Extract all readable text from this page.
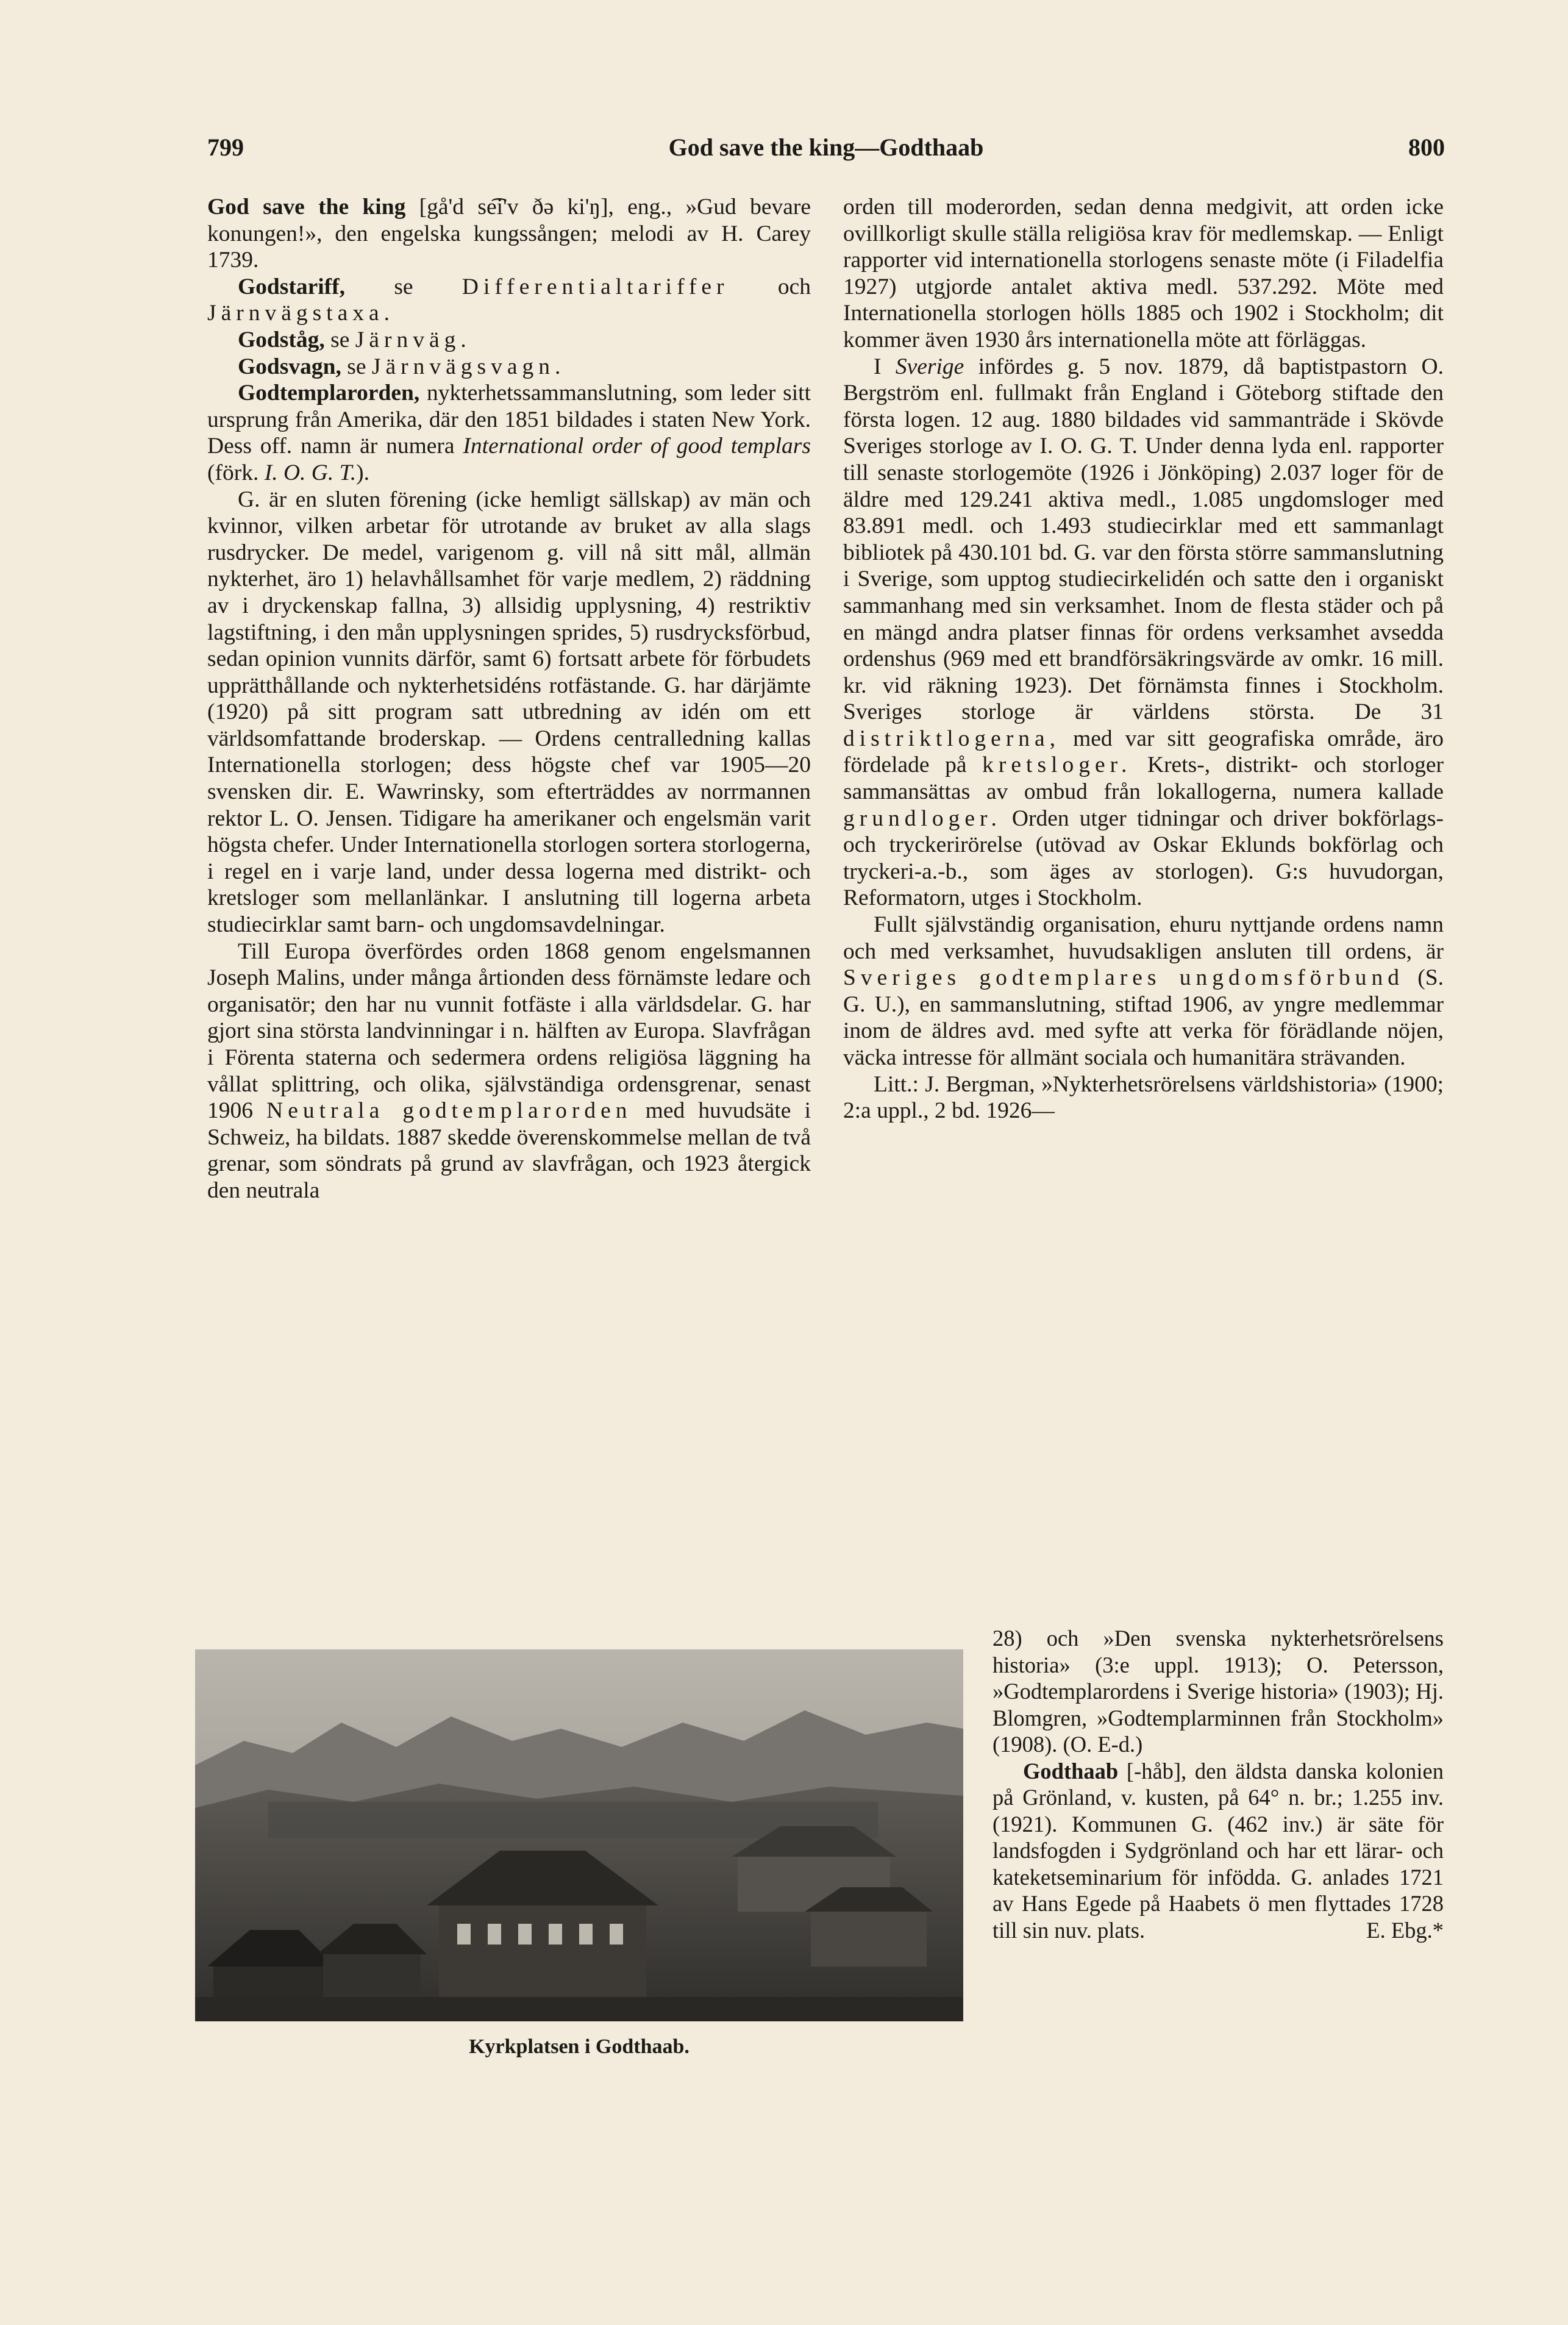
799	God save the king—Godthaab	800

God save the king [gå'd se͡i'v ðə ki'ŋ], eng., »Gud bevare konungen!», den engelska kungssången; melodi av H. Carey 1739.

Godstariff, se Differentialtariffer och Järnvägstaxa.

Godståg, se Järnväg.

Godsvagn, se Järnvägsvagn.

Godtemplarorden, nykterhetssammanslutning, som leder sitt ursprung från Amerika, där den 1851 bildades i staten New York. Dess off. namn är numera International order of good templars (förk. I. O. G. T.).

G. är en sluten förening (icke hemligt sällskap) av män och kvinnor, vilken arbetar för utrotande av bruket av alla slags rusdrycker. De medel, varigenom g. vill nå sitt mål, allmän nykterhet, äro 1) helavhållsamhet för varje medlem, 2) räddning av i dryckenskap fallna, 3) allsidig upplysning, 4) restriktiv lagstiftning, i den mån upplysningen sprides, 5) rusdrycksförbud, sedan opinion vunnits därför, samt 6) fortsatt arbete för förbudets upprätthållande och nykterhetsidéns rotfästande. G. har därjämte (1920) på sitt program satt utbredning av idén om ett världsomfattande broderskap. — Ordens centralledning kallas Internationella storlogen; dess högste chef var 1905—20 svensken dir. E. Wawrinsky, som efterträddes av norrmannen rektor L. O. Jensen. Tidigare ha amerikaner och engelsmän varit högsta chefer. Under Internationella storlogen sortera storlogerna, i regel en i varje land, under dessa logerna med distrikt- och kretsloger som mellanlänkar. I anslutning till logerna arbeta studiecirklar samt barn- och ungdomsavdelningar.

Till Europa överfördes orden 1868 genom engelsmannen Joseph Malins, under många årtionden dess förnämste ledare och organisatör; den har nu vunnit fotfäste i alla världsdelar. G. har gjort sina största landvinningar i n. hälften av Europa. Slavfrågan i Förenta staterna och sedermera ordens religiösa läggning ha vållat splittring, och olika, självständiga ordensgrenar, senast 1906 Neutrala godtemplarorden med huvudsäte i Schweiz, ha bildats. 1887 skedde överenskommelse mellan de två grenar, som söndrats på grund av slavfrågan, och 1923 återgick den neutrala

orden till moderorden, sedan denna medgivit, att orden icke ovillkorligt skulle ställa religiösa krav för medlemskap. — Enligt rapporter vid internationella storlogens senaste möte (i Filadelfia 1927) utgjorde antalet aktiva medl. 537.292. Möte med Internationella storlogen hölls 1885 och 1902 i Stockholm; dit kommer även 1930 års internationella möte att förläggas.

I Sverige infördes g. 5 nov. 1879, då baptistpastorn O. Bergström enl. fullmakt från England i Göteborg stiftade den första logen. 12 aug. 1880 bildades vid sammanträde i Skövde Sveriges storloge av I. O. G. T. Under denna lyda enl. rapporter till senaste storlogemöte (1926 i Jönköping) 2.037 loger för de äldre med 129.241 aktiva medl., 1.085 ungdomsloger med 83.891 medl. och 1.493 studiecirklar med ett sammanlagt bibliotek på 430.101 bd. G. var den första större sammanslutning i Sverige, som upptog studiecirkelidén och satte den i organiskt sammanhang med sin verksamhet. Inom de flesta städer och på en mängd andra platser finnas för ordens verksamhet avsedda ordenshus (969 med ett brandförsäkringsvärde av omkr. 16 mill. kr. vid räkning 1923). Det förnämsta finnes i Stockholm. Sveriges storloge är världens största. De 31 distriktlogerna, med var sitt geografiska område, äro fördelade på kretsloger. Krets-, distrikt- och storloger sammansättas av ombud från lokallogerna, numera kallade grundloger. Orden utger tidningar och driver bokförlags- och tryckerirörelse (utövad av Oskar Eklunds bokförlag och tryckeri-a.-b., som äges av storlogen). G:s huvudorgan, Reformatorn, utges i Stockholm.

Fullt självständig organisation, ehuru nyttjande ordens namn och med verksamhet, huvudsakligen ansluten till ordens, är Sveriges godtemplares ungdomsförbund (S. G. U.), en sammanslutning, stiftad 1906, av yngre medlemmar inom de äldres avd. med syfte att verka för förädlande nöjen, väcka intresse för allmänt sociala och humanitära strävanden.

Litt.: J. Bergman, »Nykterhetsrörelsens världshistoria» (1900; 2:a uppl., 2 bd. 1926—

28) och »Den svenska nykterhetsrörelsens historia» (3:e uppl. 1913); O. Petersson, »Godtemplarordens i Sverige historia» (1903); Hj. Blomgren, »Godtemplarminnen från Stockholm» (1908). (O. E-d.)

Godthaab [-håb], den äldsta danska kolonien på Grönland, v. kusten, på 64° n. br.; 1.255 inv. (1921). Kommunen G. (462 inv.) är säte för landsfogden i Sydgrönland och har ett lärar- och kateketseminarium för infödda. G. anlades 1721 av Hans Egede på Haabets ö men flyttades 1728 till sin nuv. plats.	E. Ebg.*

Kyrkplatsen i Godthaab.
